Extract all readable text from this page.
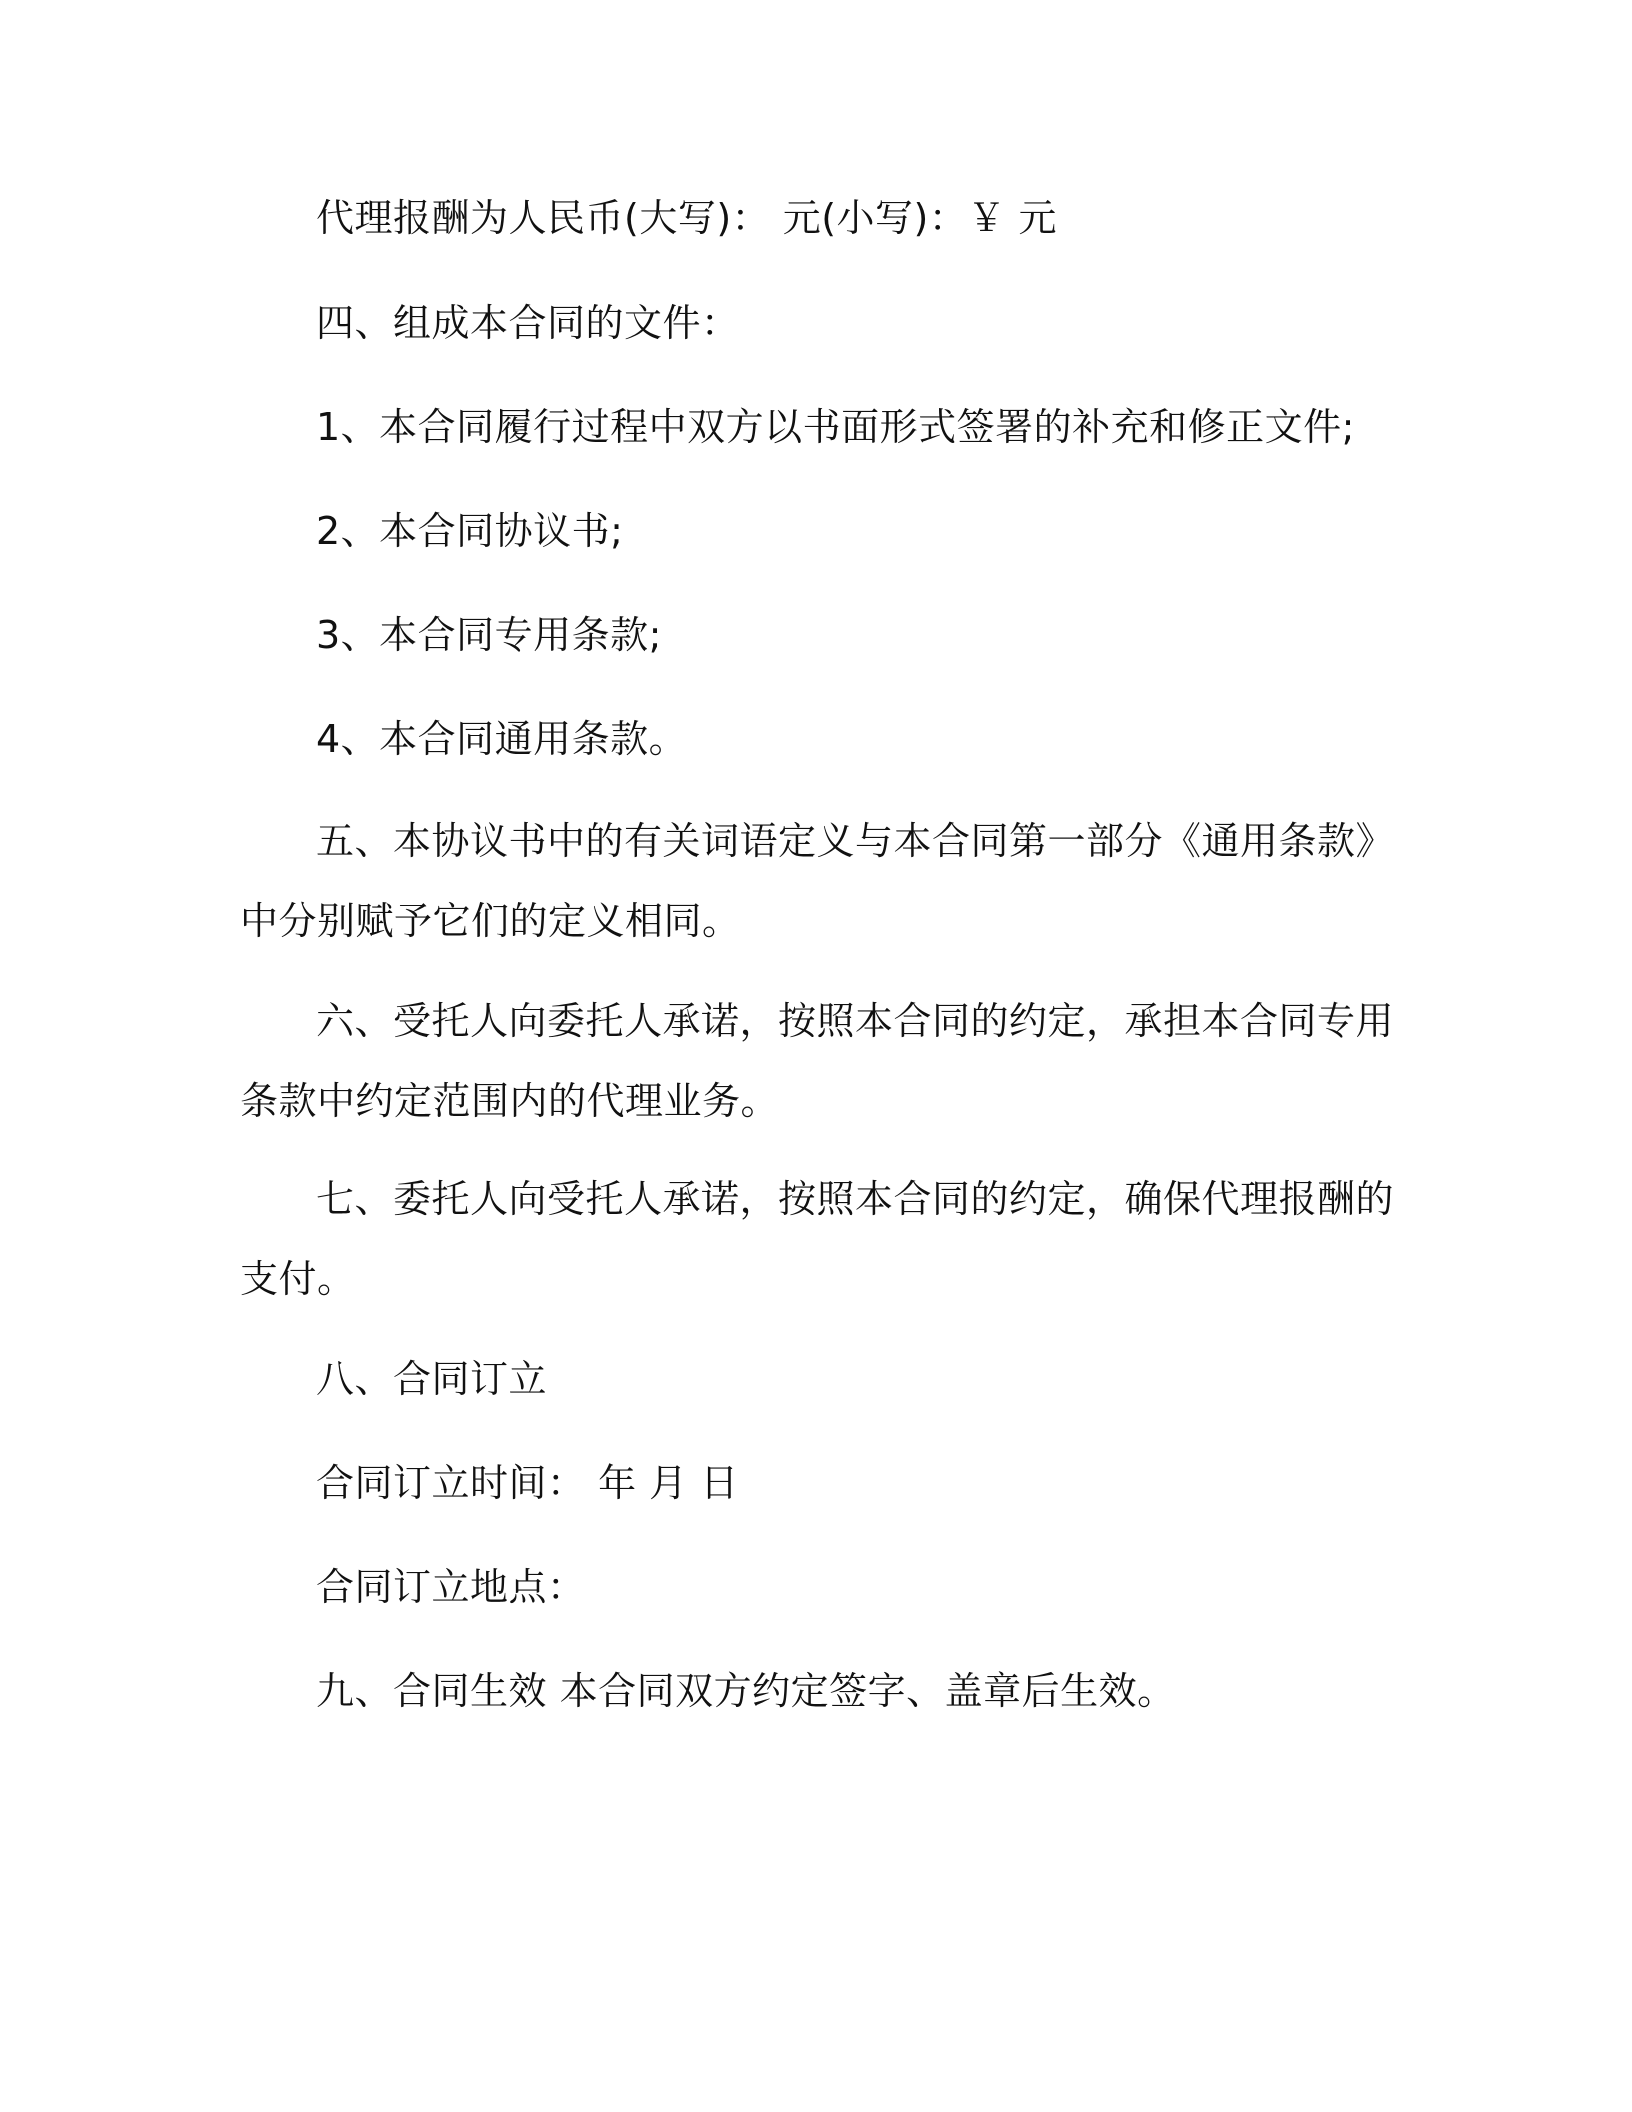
代理报酬为人民币(大写)： 元(小写)：￥ 元
四、组成本合同的文件：
1、本合同履行过程中双方以书面形式签署的补充和修正文件;
2、本合同协议书;
3、本合同专用条款;
4、本合同通用条款。
五、本协议书中的有关词语定义与本合同第一部分《通用条款》
中分别赋予它们的定义相同。
六、受托人向委托人承诺，按照本合同的约定，承担本合同专用
条款中约定范围内的代理业务。
七、委托人向受托人承诺，按照本合同的约定，确保代理报酬的
支付。
八、合同订立
合同订立时间： 年 月 日
合同订立地点：
九、合同生效 本合同双方约定签字、盖章后生效。
